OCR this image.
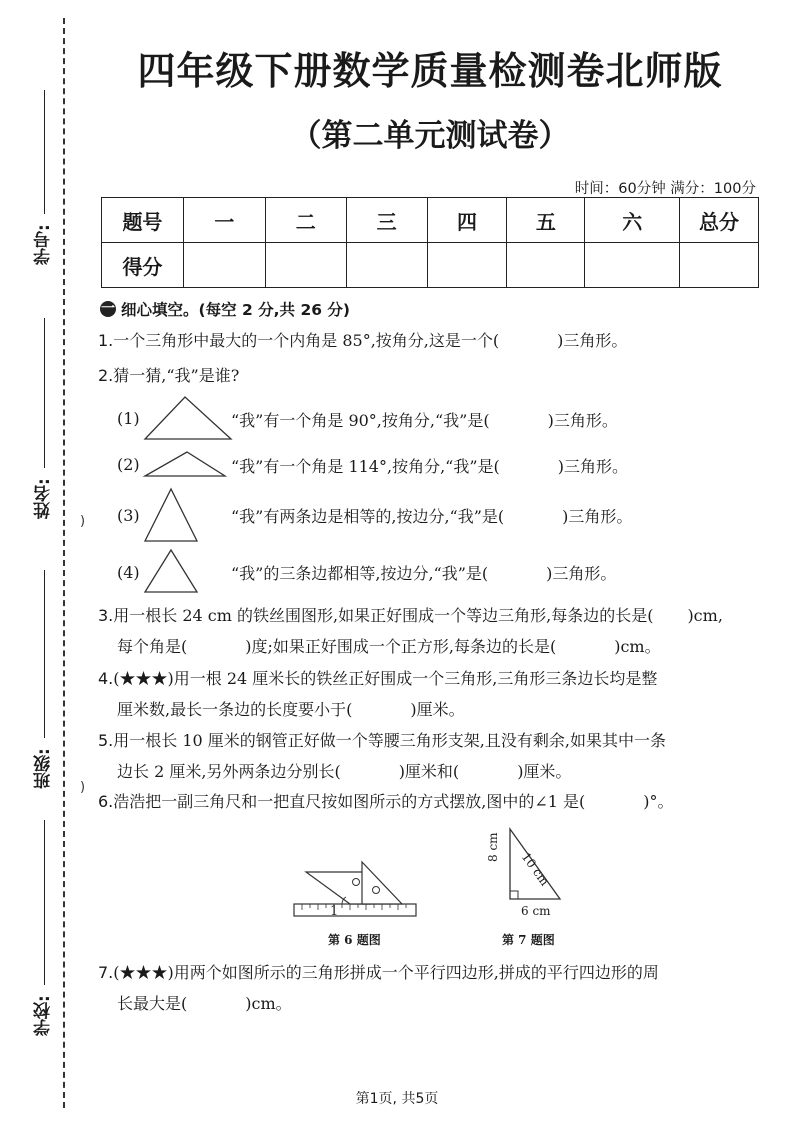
学号:
姓名:
班级:
学校:
)
)
四年级下册数学质量检测卷北师版
（第二单元测试卷）
时间：60分钟 满分：100分
题号	一	二	三	四	五	六	总分
得分							
一 细心填空。(每空 2 分,共 26 分)
1.一个三角形中最大的一个内角是 85°,按角分,这是一个(	)三角形。
2.猜一猜,“我”是谁?
(1)	“我”有一个角是 90°,按角分,“我”是(	)三角形。
(2)	“我”有一个角是 114°,按角分,“我”是(	)三角形。
(3)	“我”有两条边是相等的,按边分,“我”是(	)三角形。
(4)	“我”的三条边都相等,按边分,“我”是(	)三角形。
3.用一根长 24 cm 的铁丝围图形,如果正好围成一个等边三角形,每条边的长是( )cm,
每个角是(	)度;如果正好围成一个正方形,每条边的长是(	)cm。
4.(★★★)用一根 24 厘米长的铁丝正好围成一个三角形,三角形三条边长均是整
厘米数,最长一条边的长度要小于(	)厘米。
5.用一根长 10 厘米的钢管正好做一个等腰三角形支架,且没有剩余,如果其中一条
边长 2 厘米,另外两条边分别长(	)厘米和(	)厘米。
6.浩浩把一副三角尺和一把直尺按如图所示的方式摆放,图中的∠1 是(	)°。
1
第 6 题图
8 cm
10 cm
6 cm
第 7 题图
7.(★★★)用两个如图所示的三角形拼成一个平行四边形,拼成的平行四边形的周
长最大是(	)cm。
第1页, 共5页
